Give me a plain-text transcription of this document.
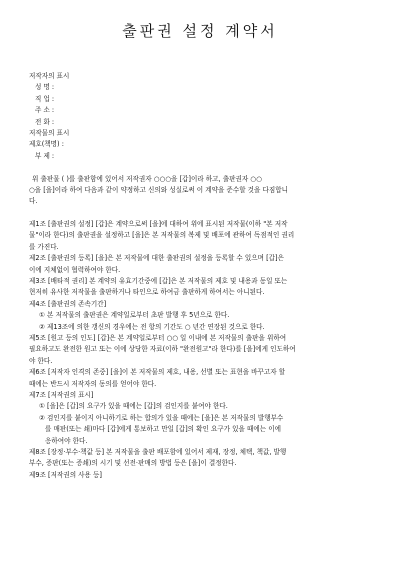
출판권 설정 계약서
저작자의 표시
성 명 :
직 업 :
주 소 :
전 화 :
저작물의 표시
제호(책명) :
부 제 :
위 출판물 ( )를 출판함에 있어서 저작권자 ○○○을 [갑]이라 하고, 출판권자 ○○
○을 [을]이라 하여 다음과 같이 약정하고 신의와 성실로써 이 계약을 준수할 것을 다짐합니
다.
제1조 [출판권의 설정] [갑]은 계약으로써 [을]에 대하여 위에 표시된 저작물(이하 "본 저작
물"이라 한다)의 출판권을 설정하고 [을]은 본 저작물의 복제 및 배포에 관하여 독점적인 권리
를 가진다.
제2조 [출판권의 등록] [을]은 본 저작물에 대한 출판권의 설정을 등록할 수 있으며 [갑]은
이에 지체없이 협력하여야 한다.
제3조 [배타적 권리] 본 계약의 유효기간중에 [갑]은 본 저작물의 제호 및 내용과 동일 또는
현저히 유사한 저작물을 출판하거나 타인으로 하여금 출판하게 하여서는 아니된다.
제4조 [출판권의 존속기간]
① 본 저작물의 출판권은 계약일로부터 초판 발행 후 5년으로 한다.
② 제13조에 의한 갱신의 경우에는 전 항의 기간도 ○ 년간 연장된 것으로 한다.
제5조 [원고 등의 인도] [갑]은 본 계약일로부터 ○○ 일 이내에 본 저작물의 출판을 위하여
필요하고도 완전한 원고 또는 이에 상당한 자료(이하 "완전원고"라 한다)를 [을]에게 인도하여
야 한다.
제6조 [저작자 인격의 존중] [을]이 본 저작물의 제호, 내용, 선별 또는 표현을 바꾸고자 할
때에는 반드시 저작자의 동의를 얻어야 한다.
제7조 [저작권의 표시]
① [을]은 [갑]의 요구가 있을 때에는 [갑]의 검인지를 붙여야 한다.
② 검인지를 붙이지 아니하기로 하는 합의가 있을 때에는 [을]은 본 저작물의 발행부수
를 매판(또는 쇄)마다 [갑]에게 통보하고 만일 [갑]의 확인 요구가 있을 때에는 이에
응하여야 한다.
제8조 [장정·부수·책값 등] 본 저작물을 출판 배포함에 있어서 제재, 장정, 체택, 책값, 발행
부수, 증판(또는 증쇄)의 시기 및 선전·판매의 방법 등은 [을]이 결정한다.
제9조 [저작권의 사용 등]
